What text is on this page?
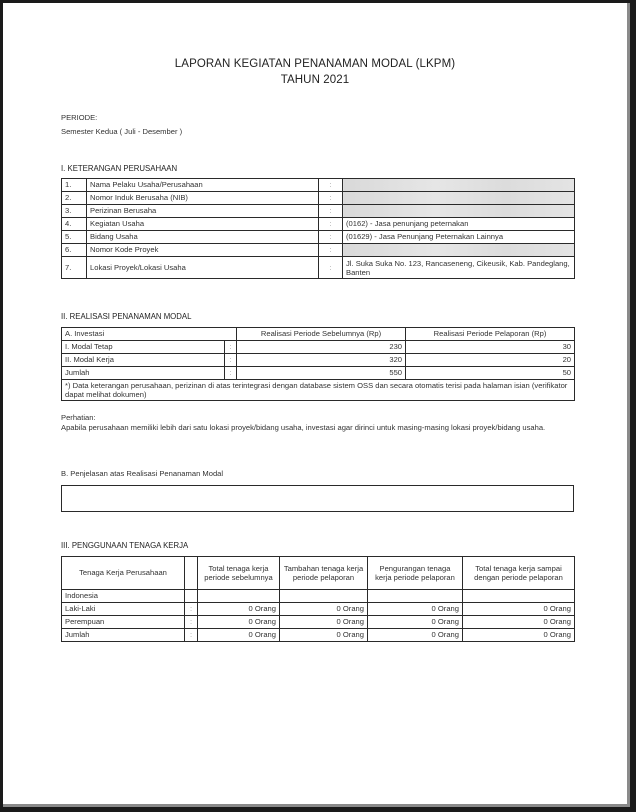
LAPORAN KEGIATAN PENANAMAN MODAL (LKPM)
TAHUN 2021
PERIODE:
Semester Kedua ( Juli - Desember )
I. KETERANGAN PERUSAHAAN
1.	Nama Pelaku Usaha/Perusahaan	:	
2.	Nomor Induk Berusaha (NIB)	:	
3.	Perizinan Berusaha	:	
4.	Kegiatan Usaha	:	(0162) - Jasa penunjang peternakan
5.	Bidang Usaha	:	(01629) - Jasa Penunjang Peternakan Lainnya
6.	Nomor Kode Proyek	:	
7.	Lokasi Proyek/Lokasi Usaha	:	Jl. Suka Suka No. 123, Rancaseneng, Cikeusik, Kab. Pandeglang, Banten
II. REALISASI PENANAMAN MODAL
A. Investasi		Realisasi Periode Sebelumnya (Rp)	Realisasi Periode Pelaporan (Rp)
I. Modal Tetap	:	230	30
II. Modal Kerja	:	320	20
Jumlah	:	550	50
*) Data keterangan perusahaan, perizinan di atas terintegrasi dengan database sistem OSS dan secara otomatis terisi pada halaman isian (verifikator dapat melihat dokumen)			
Perhatian:
Apabila perusahaan memiliki lebih dari satu lokasi proyek/bidang usaha, investasi agar dirinci untuk masing-masing lokasi proyek/bidang usaha.
B. Penjelasan atas Realisasi Penanaman Modal
III. PENGGUNAAN TENAGA KERJA
Tenaga Kerja Perusahaan		Total tenaga kerja periode sebelumnya	Tambahan tenaga kerja periode pelaporan	Pengurangan tenaga kerja periode pelaporan	Total tenaga kerja sampai dengan periode pelaporan
Indonesia					
Laki-Laki	:	0 Orang	0 Orang	0 Orang	0 Orang
Perempuan	:	0 Orang	0 Orang	0 Orang	0 Orang
Jumlah	:	0 Orang	0 Orang	0 Orang	0 Orang
